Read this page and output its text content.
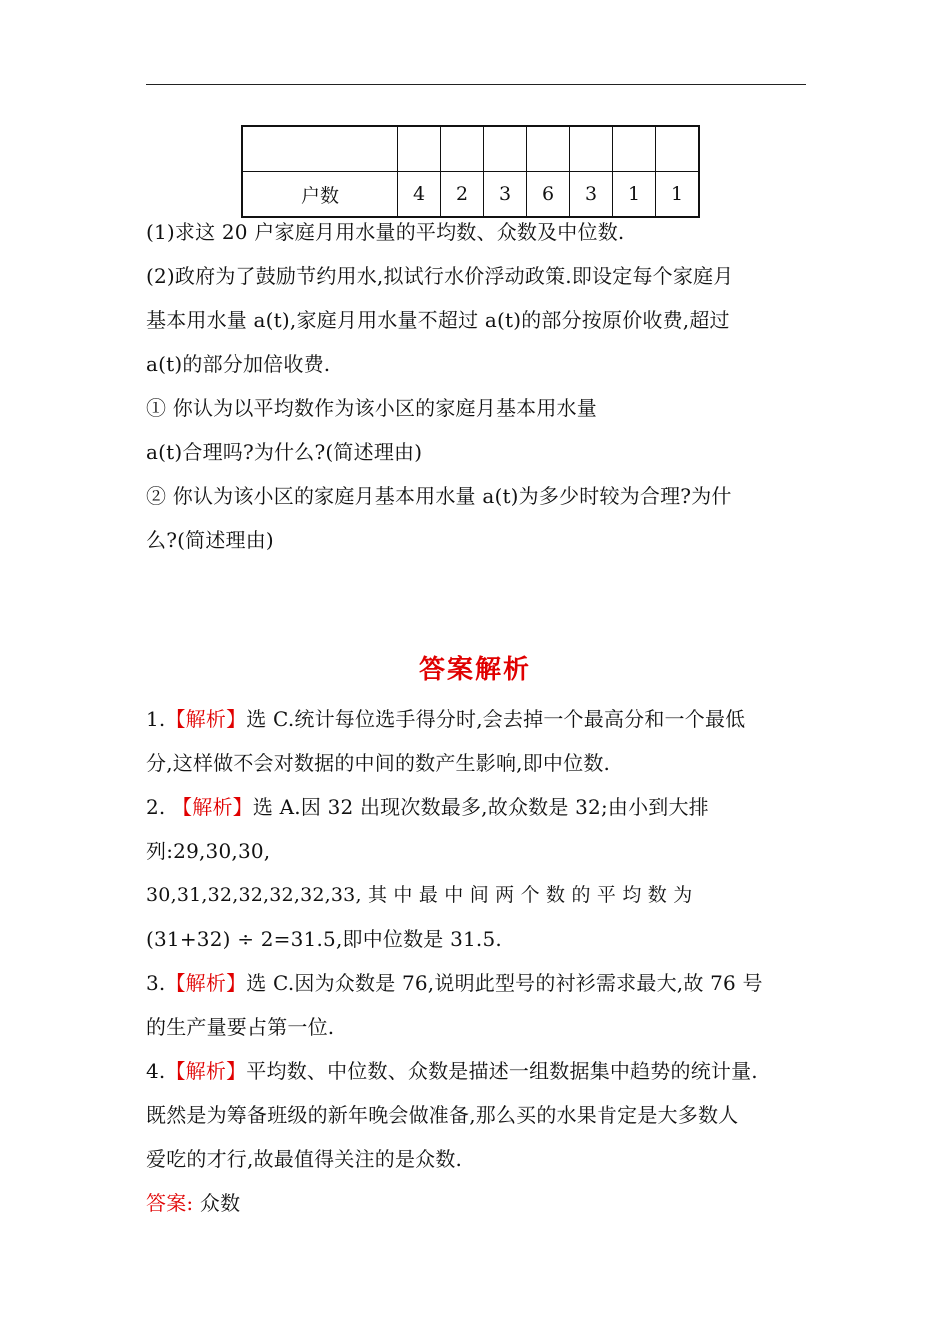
户数	4	2	3	6	3	1	1
(1)求这 20 户家庭月用水量的平均数、众数及中位数.
(2)政府为了鼓励节约用水,拟试行水价浮动政策.即设定每个家庭月
基本用水量 a(t),家庭月用水量不超过 a(t)的部分按原价收费,超过
a(t)的部分加倍收费.
① 你认为以平均数作为该小区的家庭月基本用水量
a(t)合理吗?为什么?(简述理由)
② 你认为该小区的家庭月基本用水量 a(t)为多少时较为合理?为什
么?(简述理由)
答案解析
1.【解析】选 C.统计每位选手得分时,会去掉一个最高分和一个最低
分,这样做不会对数据的中间的数产生影响,即中位数.
2. 【解析】选 A.因 32 出现次数最多,故众数是 32;由小到大排
列:29,30,30,
30,31,32,32,32,32,33, 其 中 最 中 间 两 个 数 的 平 均 数 为
(31+32) ÷ 2=31.5,即中位数是 31.5.
3.【解析】选 C.因为众数是 76,说明此型号的衬衫需求最大,故 76 号
的生产量要占第一位.
4.【解析】平均数、中位数、众数是描述一组数据集中趋势的统计量.
既然是为筹备班级的新年晚会做准备,那么买的水果肯定是大多数人
爱吃的才行,故最值得关注的是众数.
答案: 众数
